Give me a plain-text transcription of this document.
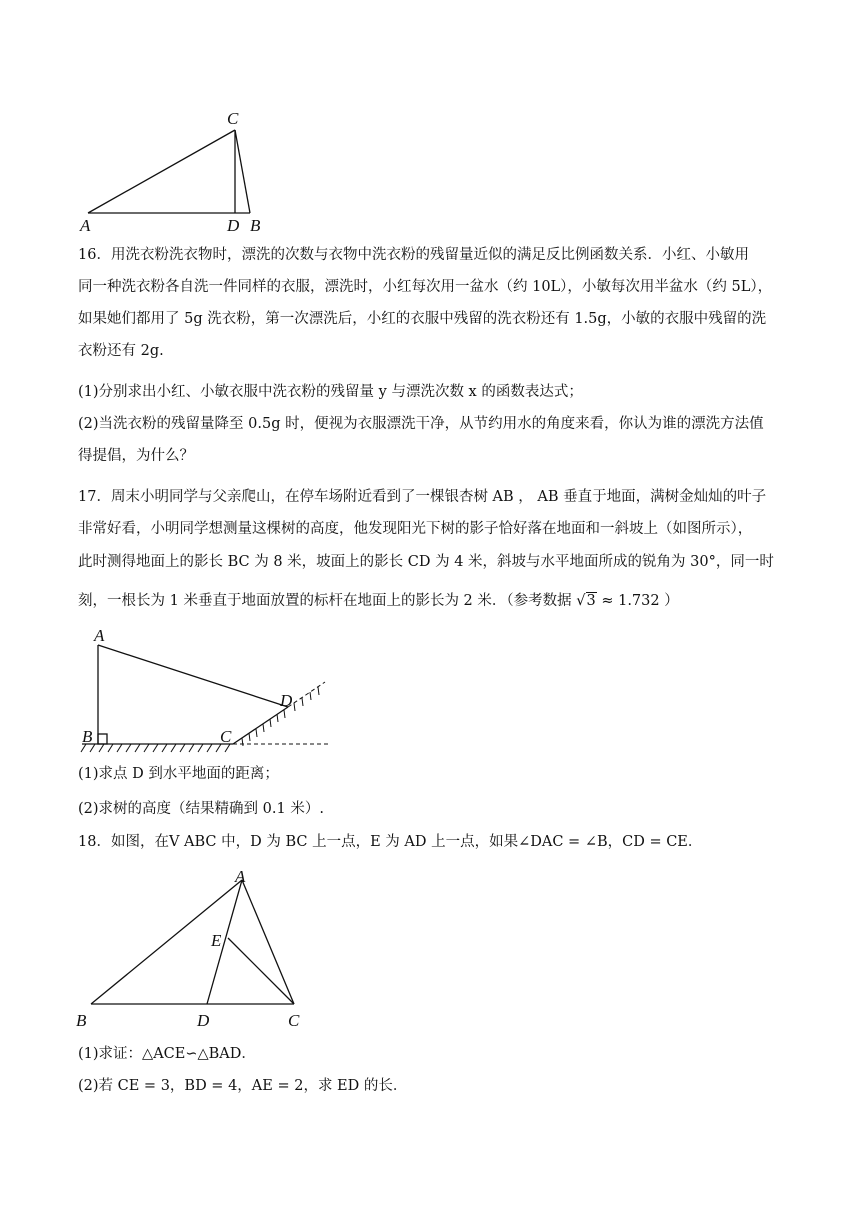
C
A	D B
16．用洗衣粉洗衣物时，漂洗的次数与衣物中洗衣粉的残留量近似的满足反比例函数关系．小红、小敏用
同一种洗衣粉各自洗一件同样的衣服，漂洗时，小红每次用一盆水（约 10L），小敏每次用半盆水（约 5L），
如果她们都用了 5g 洗衣粉，第一次漂洗后，小红的衣服中残留的洗衣粉还有 1.5g，小敏的衣服中残留的洗
衣粉还有 2g.
(1)分别求出小红、小敏衣服中洗衣粉的残留量 y 与漂洗次数 x 的函数表达式；
(2)当洗衣粉的残留量降至 0.5g 时，便视为衣服漂洗干净，从节约用水的角度来看，你认为谁的漂洗方法值
得提倡，为什么？
17．周末小明同学与父亲爬山，在停车场附近看到了一棵银杏树 AB ， AB 垂直于地面，满树金灿灿的叶子
非常好看，小明同学想测量这棵树的高度，他发现阳光下树的影子恰好落在地面和一斜坡上（如图所示），
此时测得地面上的影长 BC 为 8 米，坡面上的影长 CD 为 4 米，斜坡与水平地面所成的锐角为 30°，同一时
刻，一根长为 1 米垂直于地面放置的标杆在地面上的影长为 2 米．（参考数据 √3 ≈ 1.732 ）
A
B	C
D
(1)求点 D 到水平地面的距离；
(2)求树的高度（结果精确到 0.1 米）.
18．如图，在V ABC 中，D 为 BC 上一点，E 为 AD 上一点，如果∠DAC = ∠B，CD = CE．
A
E
B	D	C
(1)求证：△ACE∽△BAD．
(2)若 CE = 3，BD = 4，AE = 2，求 ED 的长．
